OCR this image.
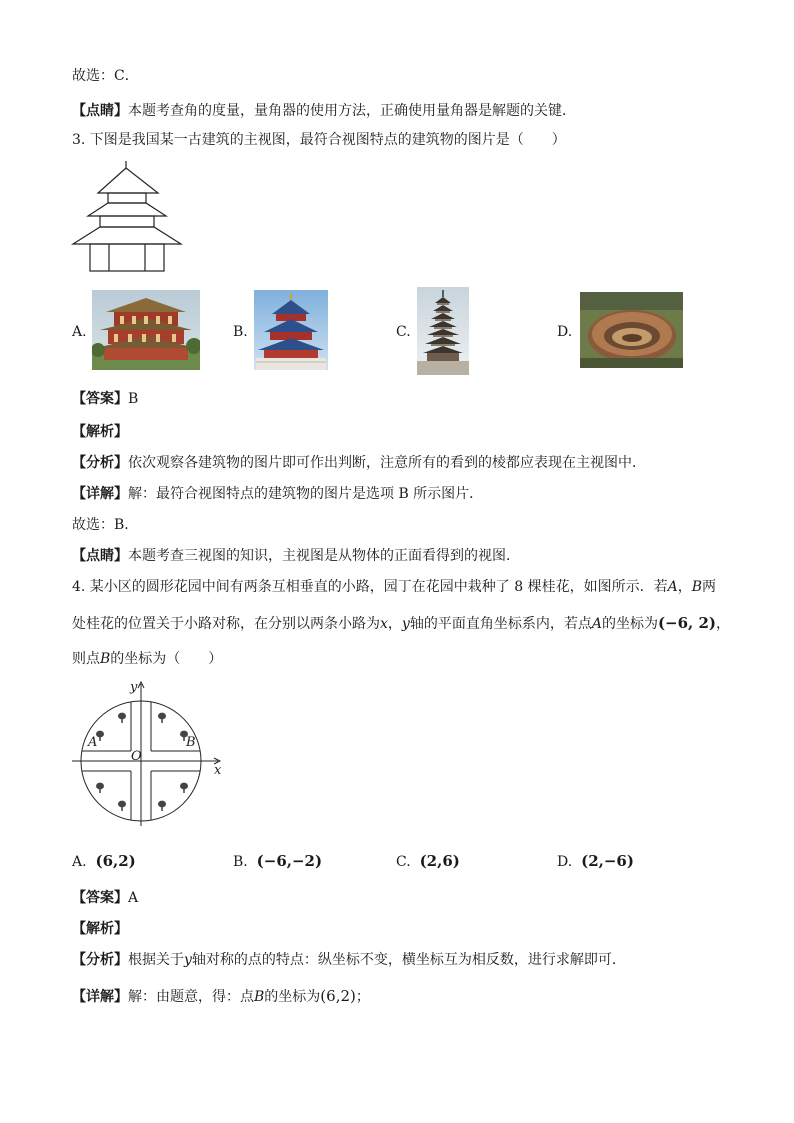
故选：C．
【点睛】本题考查角的度量，量角器的使用方法，正确使用量角器是解题的关键．
3. 下图是我国某一古建筑的主视图，最符合视图特点的建筑物的图片是（　　）
A.	B.	C.	D.
【答案】B
【解析】
【分析】依次观察各建筑物的图片即可作出判断，注意所有的看到的棱都应表现在主视图中．
【详解】解：最符合视图特点的建筑物的图片是选项 B 所示图片．
故选：B．
【点睛】本题考查三视图的知识，主视图是从物体的正面看得到的视图．
4. 某小区的圆形花园中间有两条互相垂直的小路，园丁在花园中栽种了 8 棵桂花，如图所示．若A，B两
处桂花的位置关于小路对称，在分别以两条小路为x，y轴的平面直角坐标系内，若点A的坐标为(−6, 2)，
则点B的坐标为（　　）
y
x
O
A	B
A. (6,2)	B. (−6,−2)	C. (2,6)	D. (2,−6)
【答案】A
【解析】
【分析】根据关于y轴对称的点的特点：纵坐标不变，横坐标互为相反数，进行求解即可．
【详解】解：由题意，得：点B的坐标为(6,2)；
